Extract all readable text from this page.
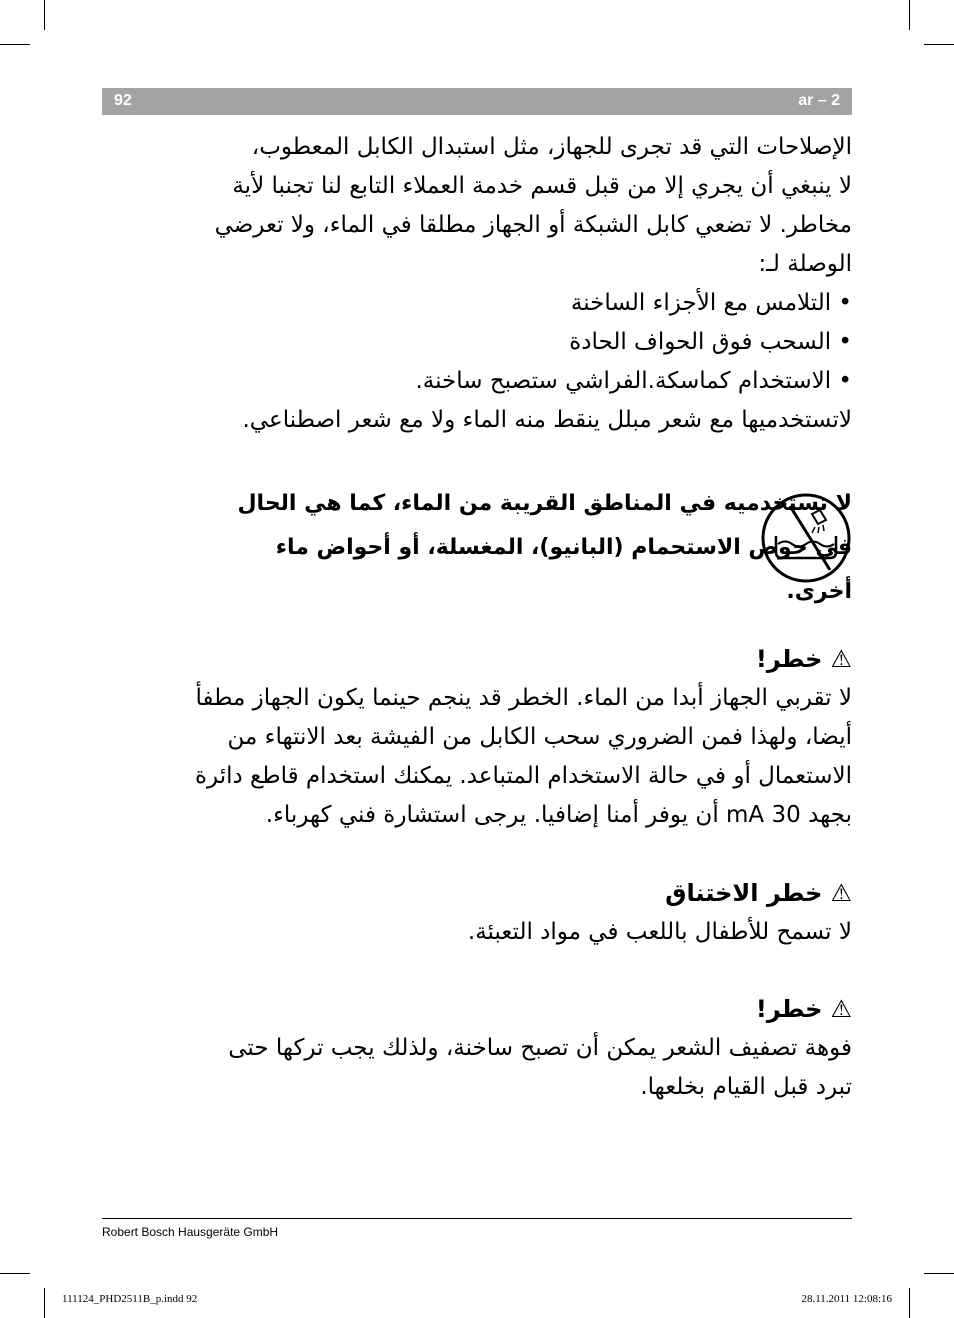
92	ar – 2

الإصلاحات التي قد تجرى للجهاز، مثل استبدال الكابل المعطوب،

لا ينبغي أن يجري إلا من قبل قسم خدمة العملاء التابع لنا تجنبا لأية

مخاطر. لا تضعي كابل الشبكة أو الجهاز مطلقا في الماء، ولا تعرضي

الوصلة لـ:

• التلامس مع الأجزاء الساخنة
• السحب فوق الحواف الحادة
• الاستخدام كماسكة.الفراشي ستصبح ساخنة.

لاتستخدميها مع شعر مبلل ينقط منه الماء ولا مع شعر اصطناعي.

لا تستخدميه في المناطق القريبة من الماء، كما هي الحال في حوض الاستحمام (البانيو)، المغسلة، أو أحواض ماء أخرى.
⚠خطر!

لا تقربي الجهاز أبدا من الماء. الخطر قد ينجم حينما يكون الجهاز مطفأ

أيضا، ولهذا فمن الضروري سحب الكابل من الفيشة بعد الانتهاء من

الاستعمال أو في حالة الاستخدام المتباعد. يمكنك استخدام قاطع دائرة

بجهد 30 mA أن يوفر أمنا إضافيا. يرجى استشارة فني كهرباء.

⚠خطر الاختناق

لا تسمح للأطفال باللعب في مواد التعبئة.

⚠خطر!

فوهة تصفيف الشعر يمكن أن تصبح ساخنة، ولذلك يجب تركها حتى

تبرد قبل القيام بخلعها.

Robert Bosch Hausgeräte GmbH
111124_PHD2511B_p.indd 92	28.11.2011 12:08:16
